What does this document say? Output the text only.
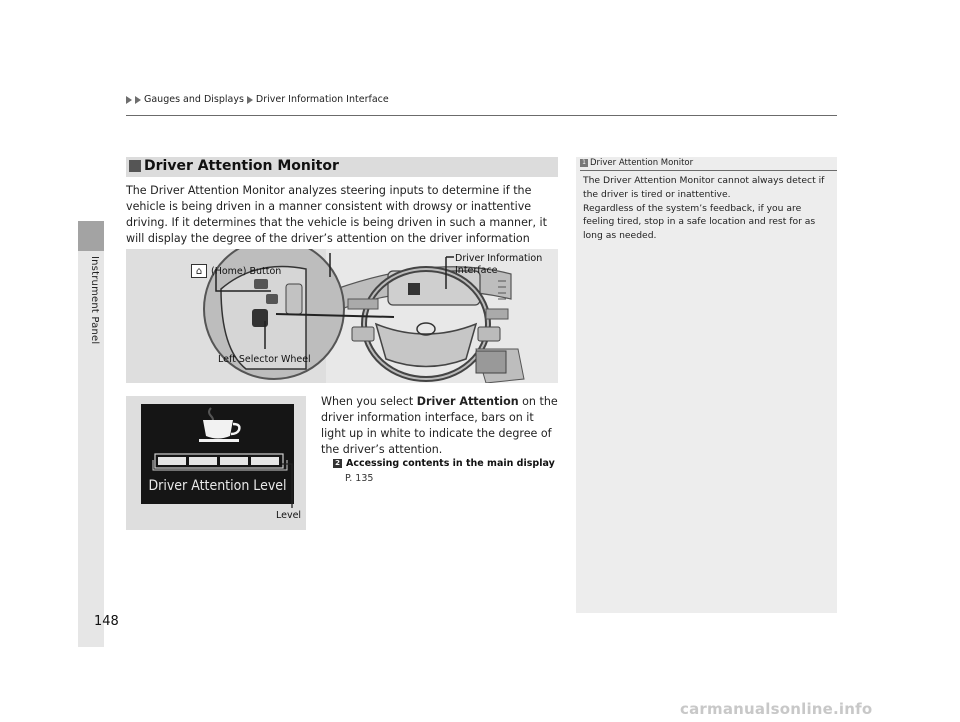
Instrument Panel
Gauges and Displays Driver Information Interface
Driver Attention Monitor

The Driver Attention Monitor analyzes steering inputs to determine if the vehicle is being driven in a manner consistent with drowsy or inattentive driving. If it determines that the vehicle is being driven in such a manner, it will display the degree of the driver’s attention on the driver information

⌂ (Home) Button
Left Selector Wheel
Driver Information
Interface
Driver Attention Level
Level

When you select Driver Attention on the driver information interface, bars on it light up in white to indicate the degree of the driver’s attention.

2 Accessing contents in the main display
P. 135
1 Driver Attention Monitor

The Driver Attention Monitor cannot always detect if the driver is tired or inattentive.
Regardless of the system’s feedback, if you are feeling tired, stop in a safe location and rest for as long as needed.

148
carmanualsonline.info
